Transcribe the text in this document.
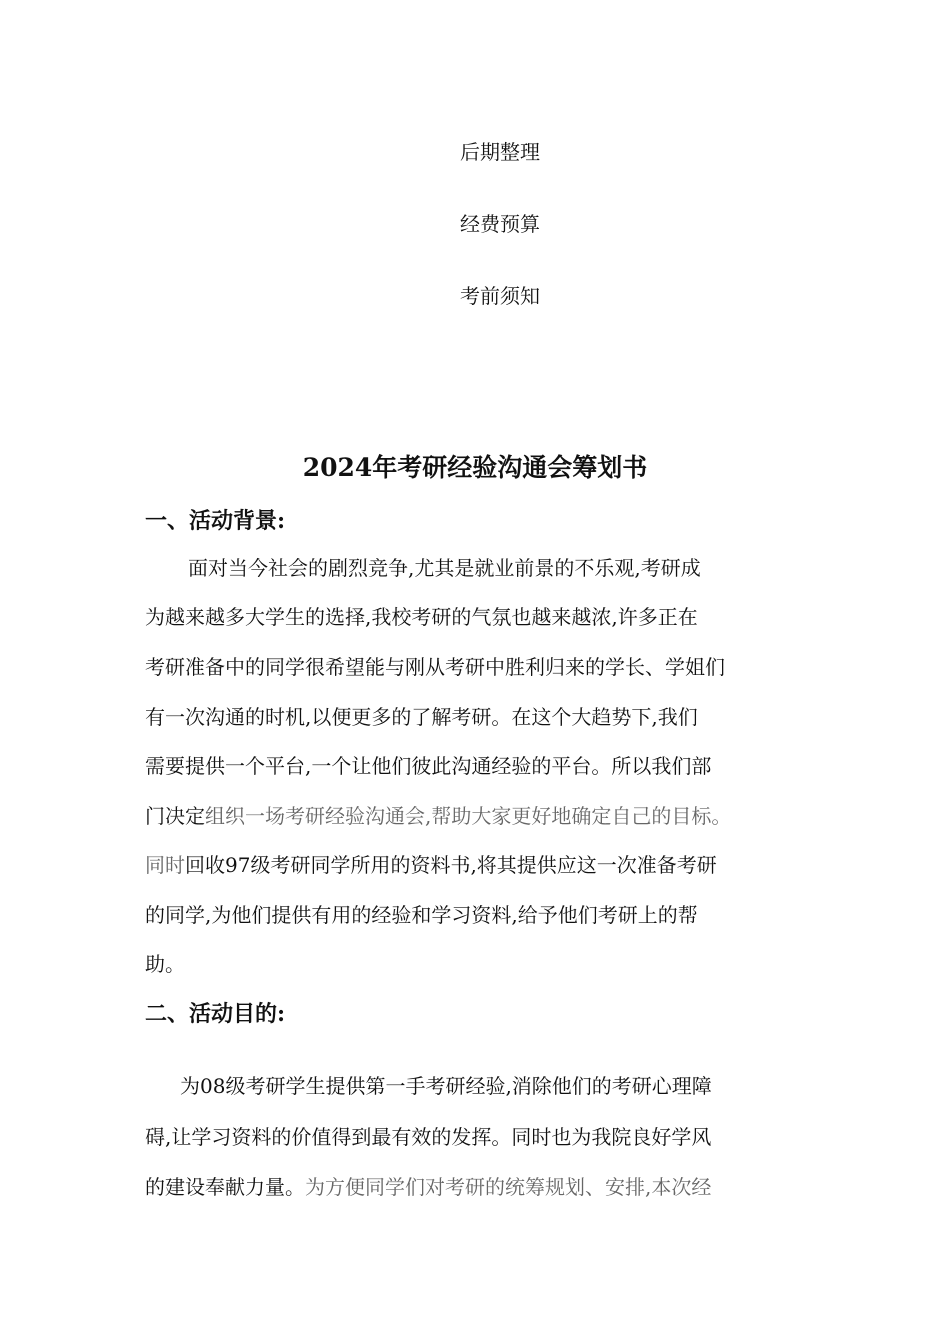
后期整理
经费预算
考前须知
2024年考研经验沟通会筹划书
一、活动背景:
面对当今社会的剧烈竞争,尤其是就业前景的不乐观,考研成
为越来越多大学生的选择,我校考研的气氛也越来越浓,许多正在
考研准备中的同学很希望能与刚从考研中胜利归来的学长、学姐们
有一次沟通的时机,以便更多的了解考研。在这个大趋势下,我们
需要提供一个平台,一个让他们彼此沟通经验的平台。所以我们部
门决定组织一场考研经验沟通会,帮助大家更好地确定自己的目标。
同时回收97级考研同学所用的资料书,将其提供应这一次准备考研
的同学,为他们提供有用的经验和学习资料,给予他们考研上的帮
助。
二、活动目的:
为08级考研学生提供第一手考研经验,消除他们的考研心理障
碍,让学习资料的价值得到最有效的发挥。同时也为我院良好学风
的建设奉献力量。为方便同学们对考研的统筹规划、安排,本次经
